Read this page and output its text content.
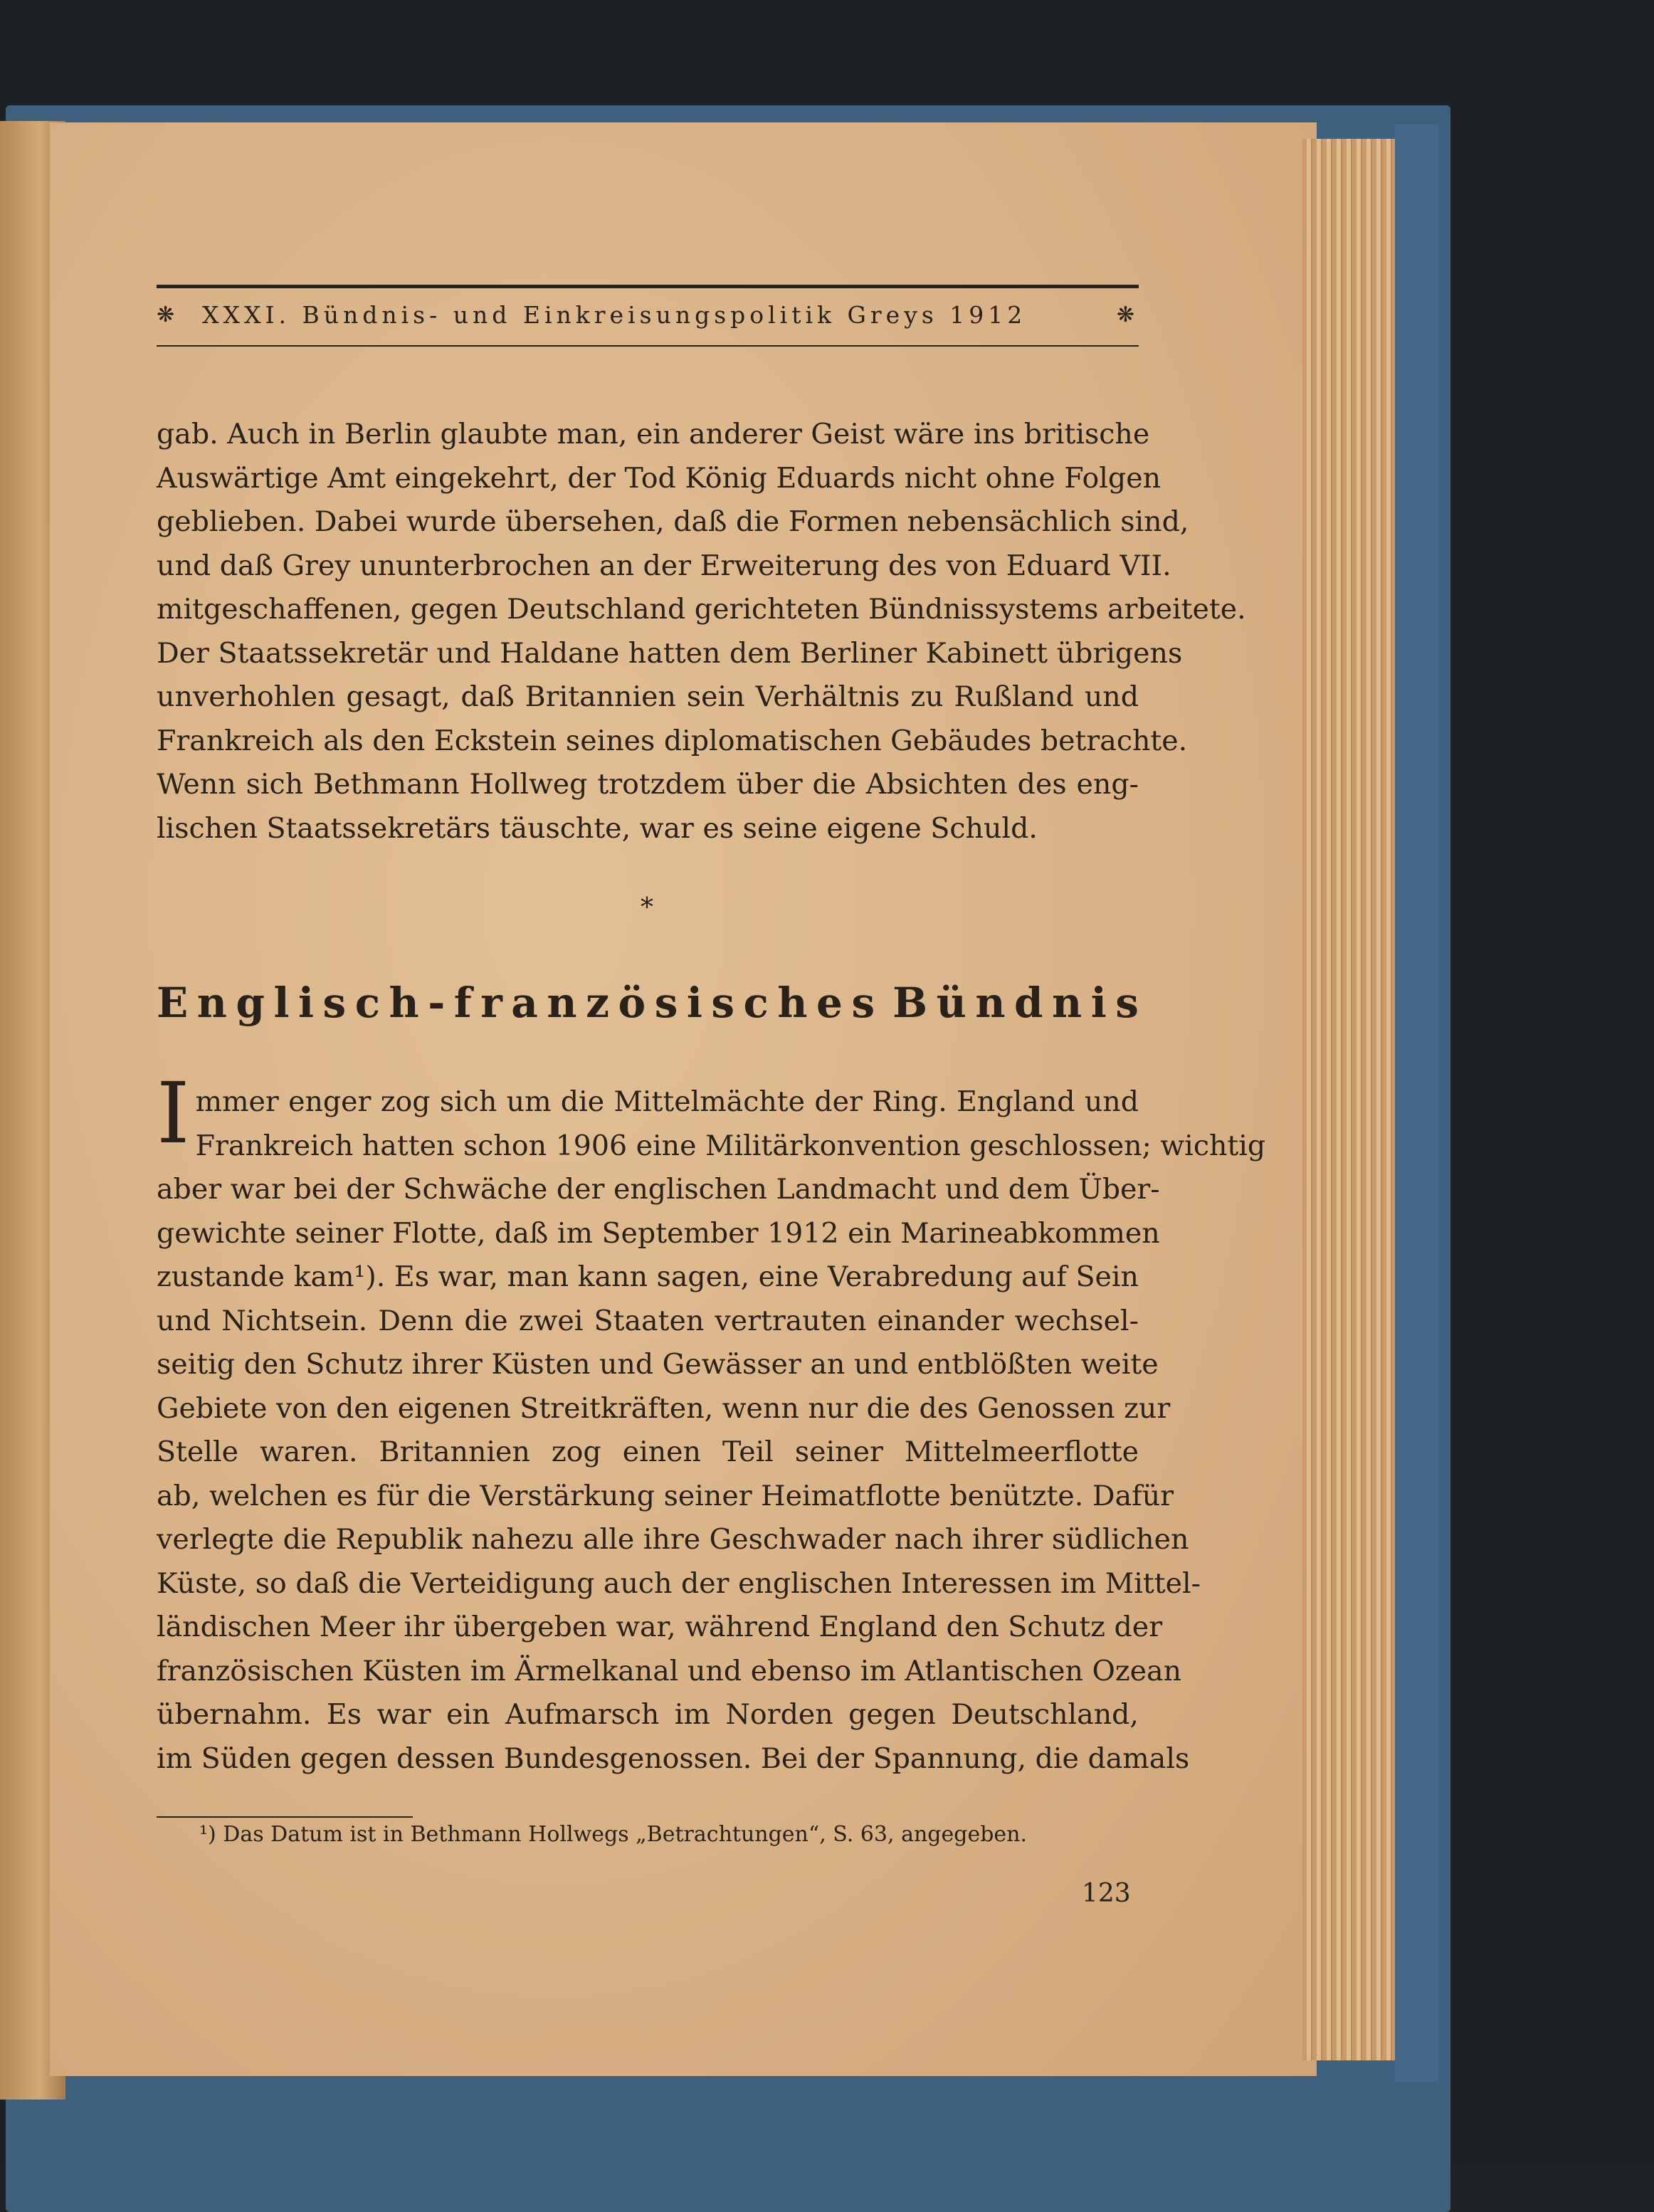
❋ XXXI. Bündnis- und Einkreisungspolitik Greys 1912	❋
gab. Auch in Berlin glaubte man, ein anderer Geist wäre ins britische
Auswärtige Amt eingekehrt, der Tod König Eduards nicht ohne Folgen
geblieben. Dabei wurde übersehen, daß die Formen nebensächlich sind,
und daß Grey ununterbrochen an der Erweiterung des von Eduard VII.
mitgeschaffenen, gegen Deutschland gerichteten Bündnissystems arbeitete.
Der Staatssekretär und Haldane hatten dem Berliner Kabinett übrigens
unverhohlen gesagt, daß Britannien sein Verhältnis zu Rußland und
Frankreich als den Eckstein seines diplomatischen Gebäudes betrachte.
Wenn sich Bethmann Hollweg trotzdem über die Absichten des eng-
lischen Staatssekretärs täuschte, war es seine eigene Schuld.
*
E n g l i s c h - f r a n z ö s i s c h e s B ü n d n i s
I mmer enger zog sich um die Mittelmächte der Ring. England und
Frankreich hatten schon 1906 eine Militärkonvention geschlossen; wichtig
aber war bei der Schwäche der englischen Landmacht und dem Über-
gewichte seiner Flotte, daß im September 1912 ein Marineabkommen
zustande kam¹). Es war, man kann sagen, eine Verabredung auf Sein
und Nichtsein. Denn die zwei Staaten vertrauten einander wechsel-
seitig den Schutz ihrer Küsten und Gewässer an und entblößten weite
Gebiete von den eigenen Streitkräften, wenn nur die des Genossen zur
Stelle waren. Britannien zog einen Teil seiner Mittelmeerflotte
ab, welchen es für die Verstärkung seiner Heimatflotte benützte. Dafür
verlegte die Republik nahezu alle ihre Geschwader nach ihrer südlichen
Küste, so daß die Verteidigung auch der englischen Interessen im Mittel-
ländischen Meer ihr übergeben war, während England den Schutz der
französischen Küsten im Ärmelkanal und ebenso im Atlantischen Ozean
übernahm. Es war ein Aufmarsch im Norden gegen Deutschland,
im Süden gegen dessen Bundesgenossen. Bei der Spannung, die damals
¹) Das Datum ist in Bethmann Hollwegs „Betrachtungen“, S. 63, angegeben.
123
